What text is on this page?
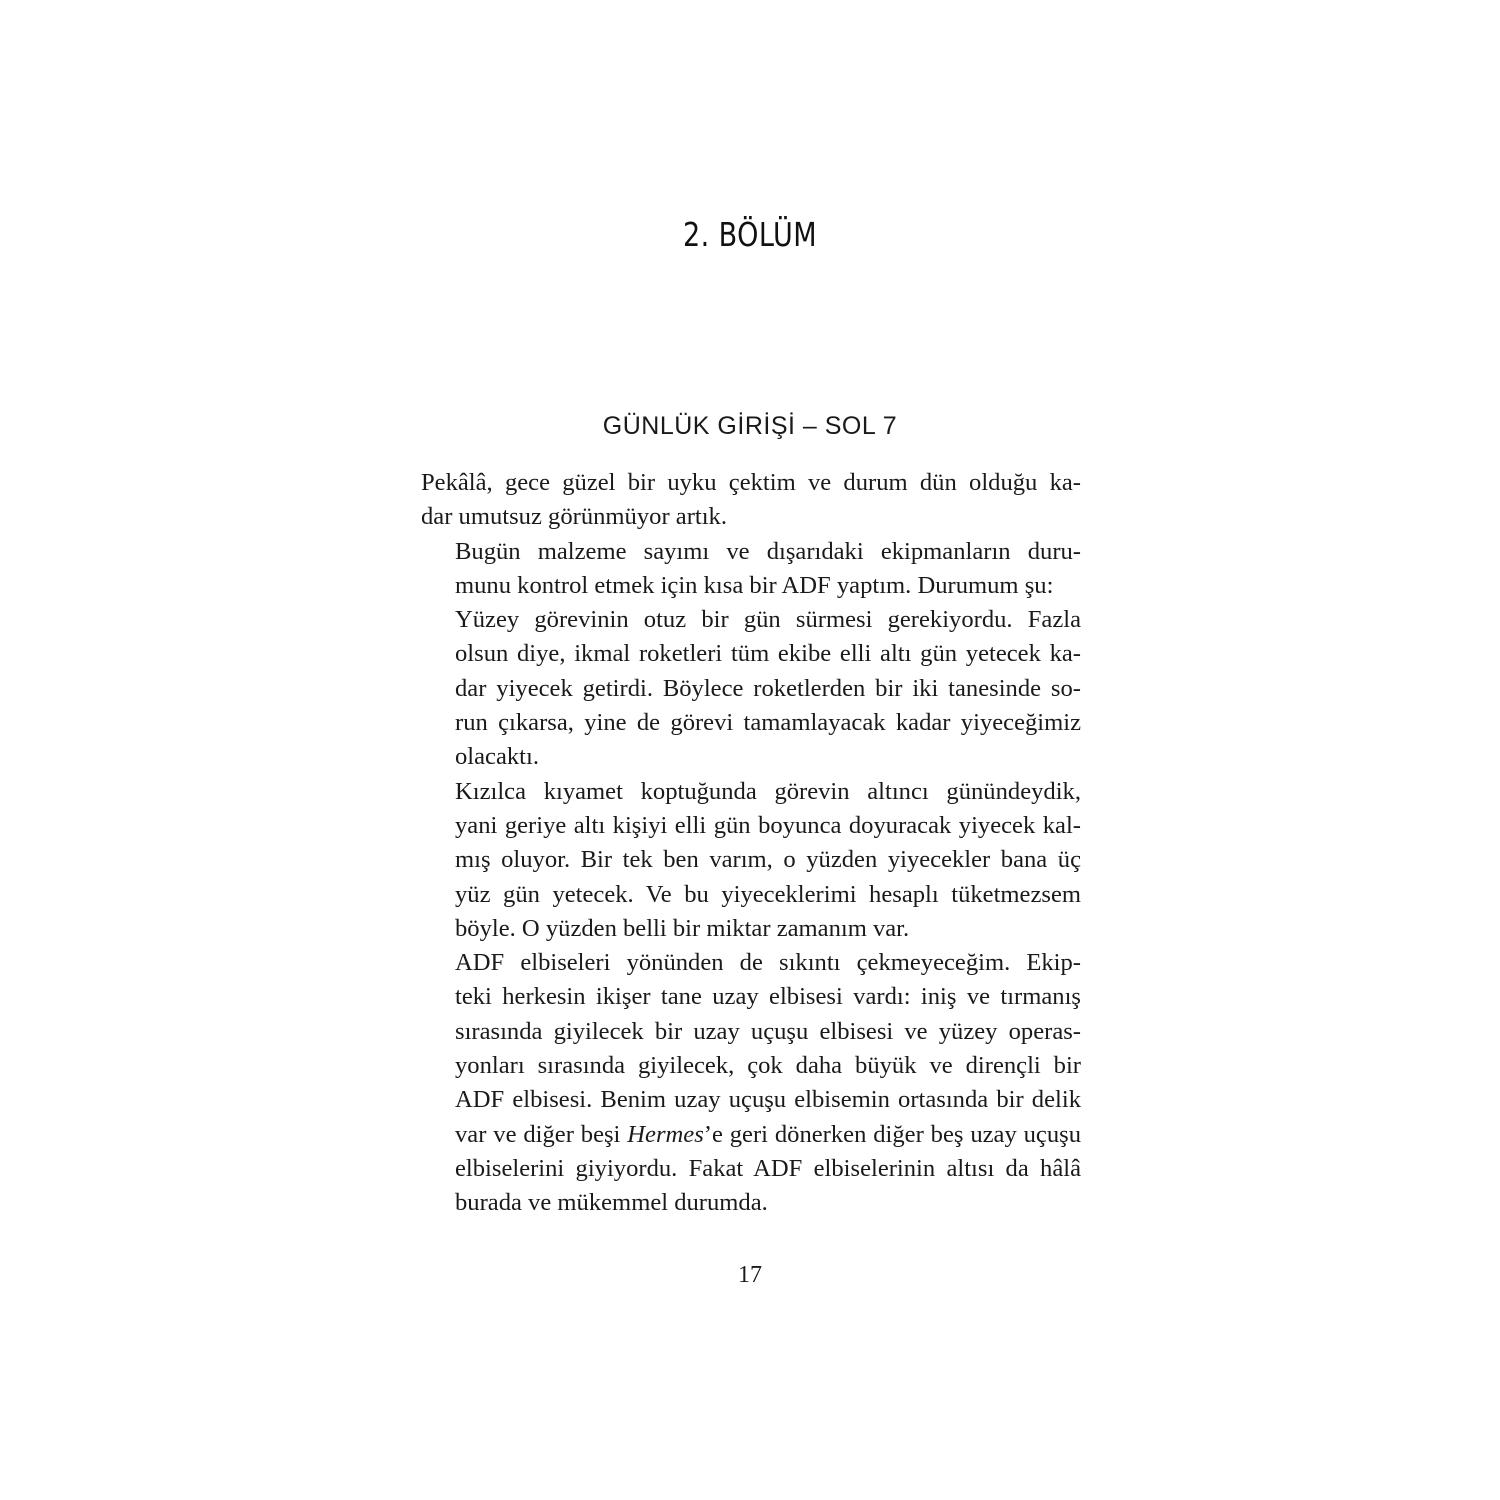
2. BÖLÜM
GÜNLÜK GİRİŞİ – SOL 7

Pekâlâ, gece güzel bir uyku çektim ve durum dün olduğu ka-
dar umutsuz görünmüyor artık.

Bugün malzeme sayımı ve dışarıdaki ekipmanların duru-
munu kontrol etmek için kısa bir ADF yaptım. Durumum şu:

Yüzey görevinin otuz bir gün sürmesi gerekiyordu. Fazla
olsun diye, ikmal roketleri tüm ekibe elli altı gün yetecek ka-
dar yiyecek getirdi. Böylece roketlerden bir iki tanesinde so-
run çıkarsa, yine de görevi tamamlayacak kadar yiyeceğimiz
olacaktı.

Kızılca kıyamet koptuğunda görevin altıncı günündeydik,
yani geriye altı kişiyi elli gün boyunca doyuracak yiyecek kal-
mış oluyor. Bir tek ben varım, o yüzden yiyecekler bana üç
yüz gün yetecek. Ve bu yiyeceklerimi hesaplı tüketmezsem
böyle. O yüzden belli bir miktar zamanım var.

ADF elbiseleri yönünden de sıkıntı çekmeyeceğim. Ekip-
teki herkesin ikişer tane uzay elbisesi vardı: iniş ve tırmanış
sırasında giyilecek bir uzay uçuşu elbisesi ve yüzey operas-
yonları sırasında giyilecek, çok daha büyük ve dirençli bir
ADF elbisesi. Benim uzay uçuşu elbisemin ortasında bir delik
var ve diğer beşi Hermes’e geri dönerken diğer beş uzay uçuşu
elbiselerini giyiyordu. Fakat ADF elbiselerinin altısı da hâlâ
burada ve mükemmel durumda.

17
